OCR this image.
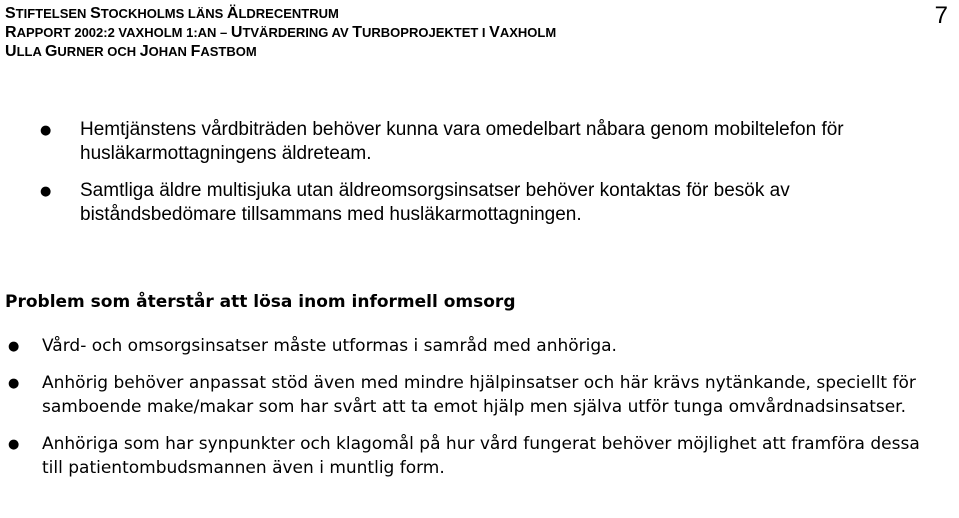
STIFTELSEN STOCKHOLMS LÄNS ÄLDRECENTRUM
RAPPORT 2002:2 VAXHOLM 1:AN – UTVÄRDERING AV TURBOPROJEKTET I VAXHOLM
ULLA GURNER OCH JOHAN FASTBOM
7
● Hemtjänstens vårdbiträden behöver kunna vara omedelbart nåbara genom mobiltelefon för husläkarmottagningens äldreteam.
● Samtliga äldre multisjuka utan äldreomsorgsinsatser behöver kontaktas för besök av biståndsbedömare tillsammans med husläkarmottagningen.
Problem som återstår att lösa inom informell omsorg
● Vård- och omsorgsinsatser måste utformas i samråd med anhöriga.
● Anhörig behöver anpassat stöd även med mindre hjälpinsatser och här krävs nytänkande, speciellt för samboende make/makar som har svårt att ta emot hjälp men själva utför tunga omvårdnadsinsatser.
● Anhöriga som har synpunkter och klagomål på hur vård fungerat behöver möjlighet att framföra dessa till patientombudsmannen även i muntlig form.
